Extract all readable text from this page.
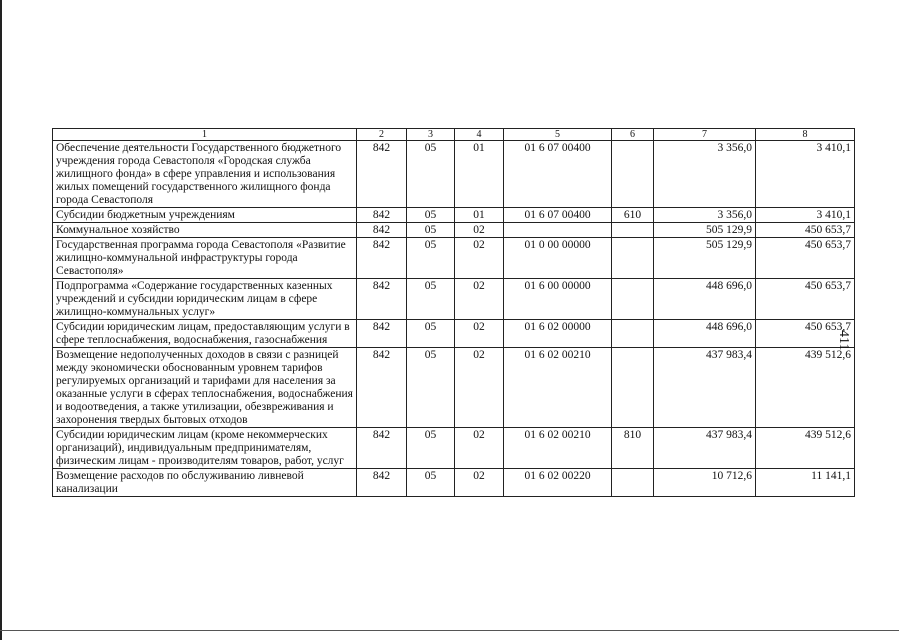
1	2	3	4	5	6	7	8
Обеспечение деятельности Государственного бюджетного учреждения города Севастополя «Городская служба жилищного фонда» в сфере управления и использования жилых помещений государственного жилищного фонда города Севастополя	842	05	01	01 6 07 00400		3 356,0	3 410,1
Субсидии бюджетным учреждениям	842	05	01	01 6 07 00400	610	3 356,0	3 410,1
Коммунальное хозяйство	842	05	02			505 129,9	450 653,7
Государственная программа города Севастополя «Развитие жилищно-коммунальной инфраструктуры города Севастополя»	842	05	02	01 0 00 00000		505 129,9	450 653,7
Подпрограмма «Содержание государственных казенных учреждений и субсидии юридическим лицам в сфере жилищно-коммунальных услуг»	842	05	02	01 6 00 00000		448 696,0	450 653,7
Субсидии юридическим лицам, предоставляющим услуги в сфере теплоснабжения, водоснабжения, газоснабжения	842	05	02	01 6 02 00000		448 696,0	450 653,7
Возмещение недополученных доходов в связи с разницей между экономически обоснованным уровнем тарифов регулируемых организаций и тарифами для населения за оказанные услуги в сферах теплоснабжения, водоснабжения и водоотведения, а также утилизации, обезвреживания и захоронения твердых бытовых отходов	842	05	02	01 6 02 00210		437 983,4	439 512,6
Субсидии юридическим лицам (кроме некоммерческих организаций), индивидуальным предпринимателям, физическим лицам - производителям товаров, работ, услуг	842	05	02	01 6 02 00210	810	437 983,4	439 512,6
Возмещение расходов по обслуживанию ливневой канализации	842	05	02	01 6 02 00220		10 712,6	11 141,1
411
